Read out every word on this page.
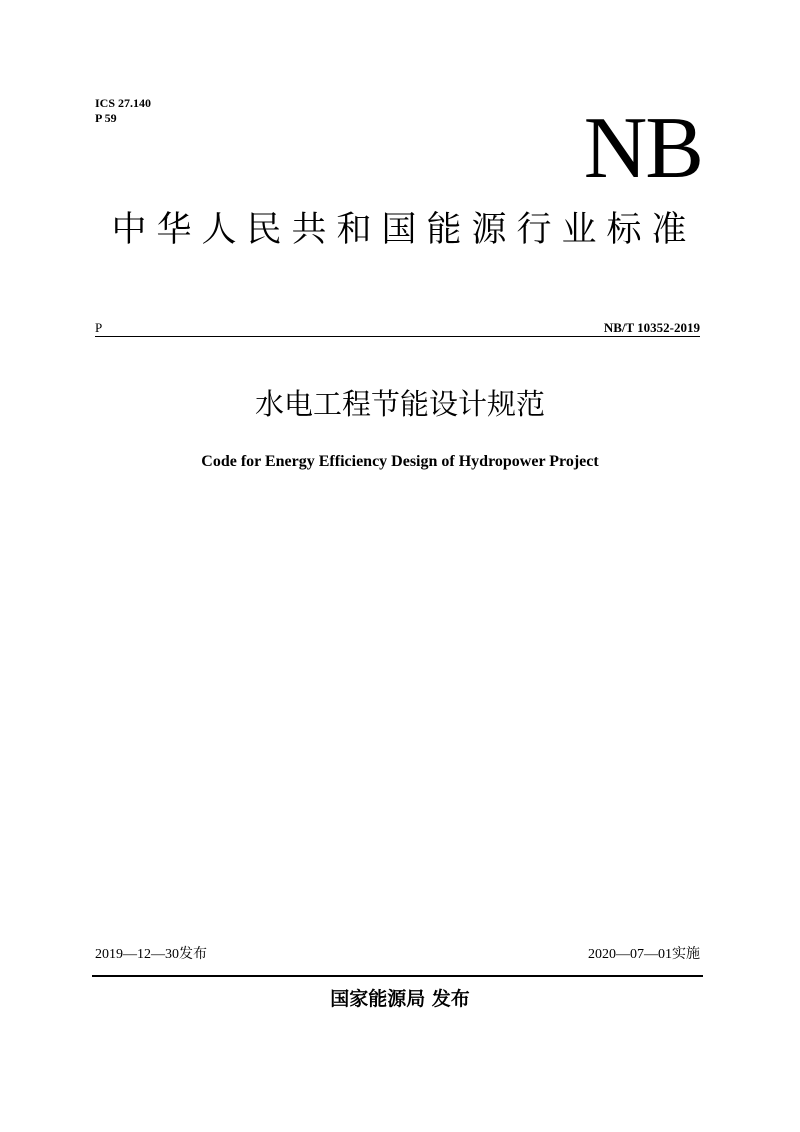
ICS 27.140
P 59	NB
中华人民共和国能源行业标准
P	NB/T 10352-2019
水电工程节能设计规范
Code for Energy Efficiency Design of Hydropower Project
2019—12—30发布	2020—07—01实施
国家能源局 发布
